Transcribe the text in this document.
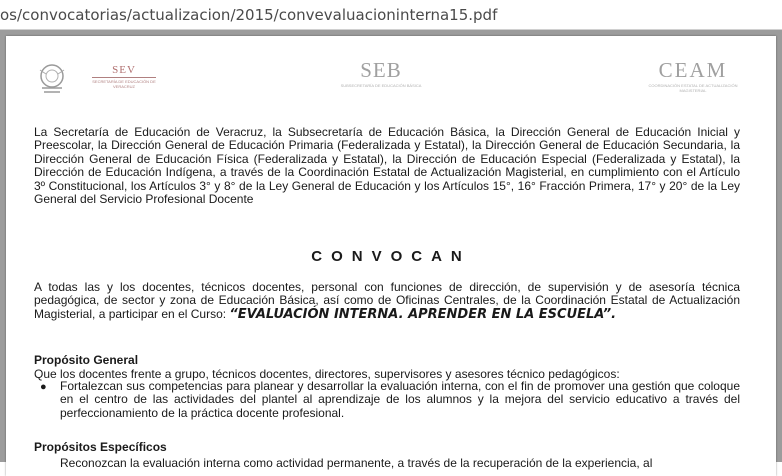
os/convocatorias/actualizacion/2015/convevaluacioninterna15.pdf
SEV
SECRETARÍA DE EDUCACIÓN DE VERACRUZ
SEB
SUBSECRETARÍA DE EDUCACIÓN BÁSICA
CEAM
COORDINACIÓN ESTATAL DE ACTUALIZACIÓN MAGISTERIAL
La Secretaría de Educación de Veracruz, la Subsecretaría de Educación Básica, la Dirección General de Educación Inicial y Preescolar, la Dirección General de Educación Primaria (Federalizada y Estatal), la Dirección General de Educación Secundaria, la Dirección General de Educación Física (Federalizada y Estatal), la Dirección de Educación Especial (Federalizada y Estatal), la Dirección de Educación Indígena, a través de la Coordinación Estatal de Actualización Magisterial, en cumplimiento con el Artículo 3º Constitucional, los Artículos 3° y 8° de la Ley General de Educación y los Artículos 15°, 16° Fracción Primera, 17° y 20° de la Ley General del Servicio Profesional Docente
CONVOCAN
A todas las y los docentes, técnicos docentes, personal con funciones de dirección, de supervisión y de asesoría técnica pedagógica, de sector y zona de Educación Básica, así como de Oficinas Centrales, de la Coordinación Estatal de Actualización Magisterial, a participar en el Curso: “EVALUACIÓN INTERNA. APRENDER EN LA ESCUELA”.
Propósito General
Que los docentes frente a grupo, técnicos docentes, directores, supervisores y asesores técnico pedagógicos:
● Fortalezcan sus competencias para planear y desarrollar la evaluación interna, con el fin de promover una gestión que coloque en el centro de las actividades del plantel al aprendizaje de los alumnos y la mejora del servicio educativo a través del perfeccionamiento de la práctica docente profesional.
Propósitos Específicos
Reconozcan la evaluación interna como actividad permanente, a través de la recuperación de la experiencia, al
